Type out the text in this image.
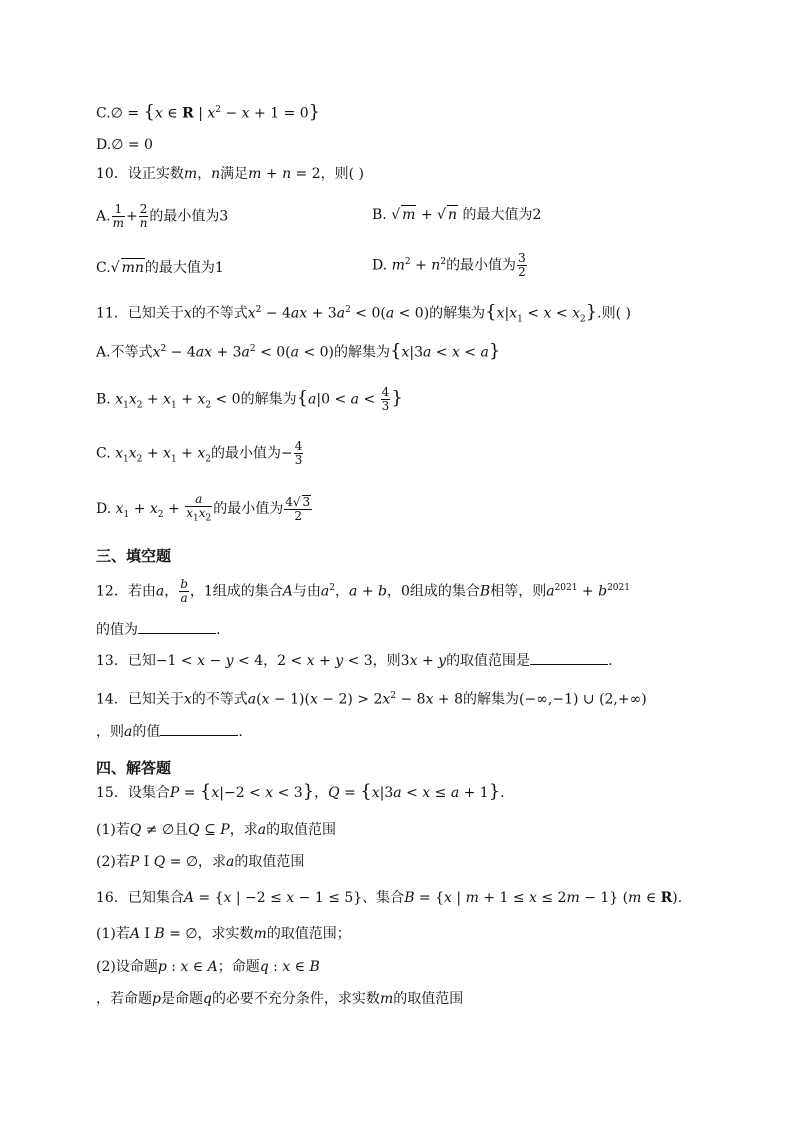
C.∅ = {x ∈ R | $x^2 - x + 1 = 0$}
D.∅ = 0
10．设正实数m，n满足m + n = 2，则( )
A. $\frac{1}{m} + \frac{2}{n}$ 的最小值为3	B. √ m + √ n 的最大值为2
C.√ mn的最大值为1	D. $m^2 + n^2$的最小值为 $\frac{3}{2}$
11．已知关于x的不等式$x^2 - 4ax + 3a^2 < 0(a < 0)$的解集为$\{x|x_1 < x < x_2\}$.则( )
A.不等式$x^2 - 4ax + 3a^2 < 0(a < 0)$的解集为{x|3a < x < a}
B. $x_1x_2 + x_1 + x_2 < 0$的解集为{$a|0 < a < \frac{4}{3}$ }
C. $x_1x_2 + x_1 + x_2$的最小值为− $\frac{4}{3}$
D. $x_1 + x_2 + \frac{a}{x_1x_2}$ 的最小值为 $\frac{4√ 3}{2}$
三、填空题
12．若由a， $\frac{b}{a}$ ，1组成的集合A与由$a^2$，a + b，0组成的集合B相等，则$a^{2021} + b^{2021}$
的值为	.
13．已知−1 < x − y < 4，2 < x + y < 3，则3x + y的取值范围是	.
14．已知关于x的不等式$a(x - 1)(x - 2) > 2x^2 - 8x + 8$的解集为(−∞,−1) ∪ (2,+∞)
，则a的值	.
四、解答题
15．设集合P = {x|−2 < x < 3}，Q = {x|3a < x ≤ a + 1}.
(1)若Q ≠ ∅且Q ⊆ P，求a的取值范围
(2)若P I Q = ∅，求a的取值范围
16．已知集合A = {x | −2 ≤ x − 1 ≤ 5}、集合B = {x | m + 1 ≤ x ≤ 2m − 1} (m ∈ R).
(1)若A I B = ∅，求实数m的取值范围；
(2)设命题p : x ∈ A；命题q : x ∈ B
，若命题p是命题q的必要不充分条件，求实数m的取值范围
